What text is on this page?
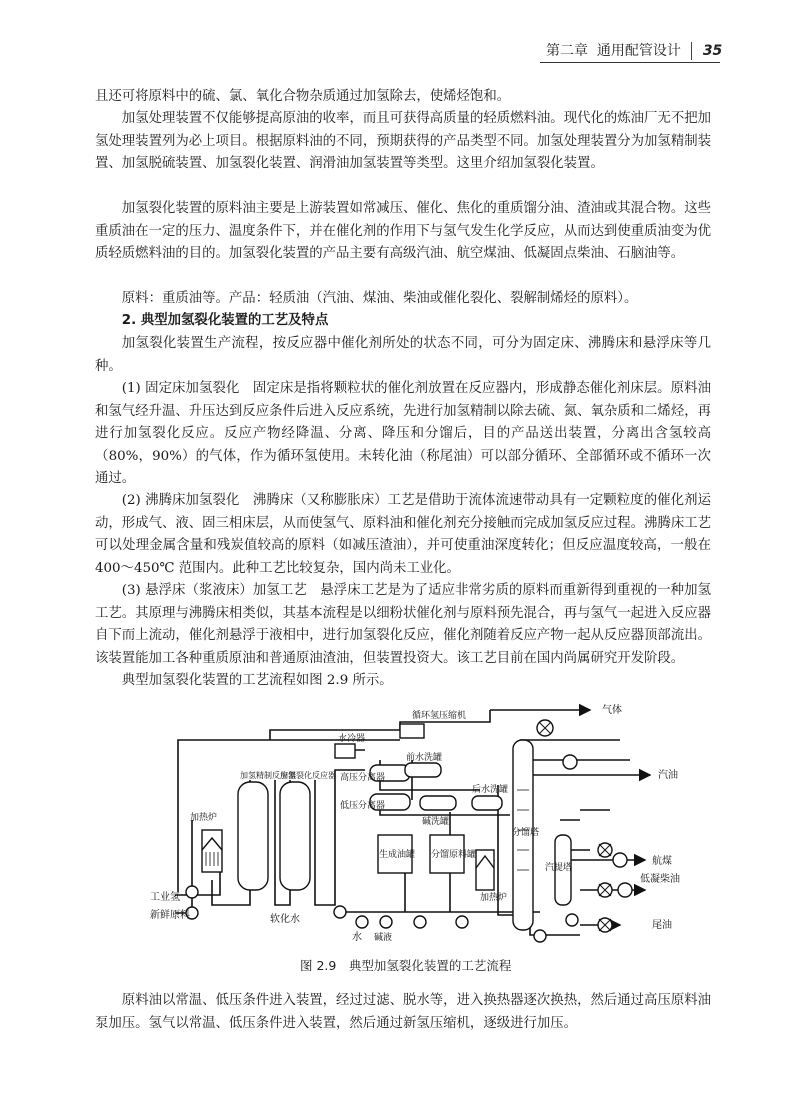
第二章 通用配管设计 35
且还可将原料中的硫、氯、氧化合物杂质通过加氢除去，使烯烃饱和。
加氢处理装置不仅能够提高原油的收率，而且可获得高质量的轻质燃料油。现代化的炼油厂无不把加氢处理装置列为必上项目。根据原料油的不同，预期获得的产品类型不同。加氢处理装置分为加氢精制装置、加氢脱硫装置、加氢裂化装置、润滑油加氢装置等类型。这里介绍加氢裂化装置。
加氢裂化装置的原料油主要是上游装置如常减压、催化、焦化的重质馏分油、渣油或其混合物。这些重质油在一定的压力、温度条件下，并在催化剂的作用下与氢气发生化学反应，从而达到使重质油变为优质轻质燃料油的目的。加氢裂化装置的产品主要有高级汽油、航空煤油、低凝固点柴油、石脑油等。
原料：重质油等。产品：轻质油（汽油、煤油、柴油或催化裂化、裂解制烯烃的原料）。
2. 典型加氢裂化装置的工艺及特点
加氢裂化装置生产流程，按反应器中催化剂所处的状态不同，可分为固定床、沸腾床和悬浮床等几种。
(1) 固定床加氢裂化　固定床是指将颗粒状的催化剂放置在反应器内，形成静态催化剂床层。原料油和氢气经升温、升压达到反应条件后进入反应系统，先进行加氢精制以除去硫、氮、氧杂质和二烯烃，再进行加氢裂化反应。反应产物经降温、分离、降压和分馏后，目的产品送出装置，分离出含氢较高（80%，90%）的气体，作为循环氢使用。未转化油（称尾油）可以部分循环、全部循环或不循环一次通过。
(2) 沸腾床加氢裂化　沸腾床（又称膨胀床）工艺是借助于流体流速带动具有一定颗粒度的催化剂运动，形成气、液、固三相床层，从而使氢气、原料油和催化剂充分接触而完成加氢反应过程。沸腾床工艺可以处理金属含量和残炭值较高的原料（如减压渣油），并可使重油深度转化；但反应温度较高，一般在 400～450℃ 范围内。此种工艺比较复杂，国内尚未工业化。
(3) 悬浮床（浆液床）加氢工艺　悬浮床工艺是为了适应非常劣质的原料而重新得到重视的一种加氢工艺。其原理与沸腾床相类似，其基本流程是以细粉状催化剂与原料预先混合，再与氢气一起进入反应器自下而上流动，催化剂悬浮于液相中，进行加氢裂化反应，催化剂随着反应产物一起从反应器顶部流出。该装置能加工各种重质原油和普通原油渣油，但装置投资大。该工艺目前在国内尚属研究开发阶段。
典型加氢裂化装置的工艺流程如图 2.9 所示。
气体
循环氢压缩机
水冷器
前水洗罐
高压分离器
后水洗罐
低压分离器
碱洗罐
汽油
加热炉
加氢精制反应器
加氢裂化反应器
生成油罐 分馏原料罐
加热炉
分馏塔
汽提塔
航煤
低凝柴油
尾油
工业氢
新鲜原料	软化水
水 碱液
图 2.9　典型加氢裂化装置的工艺流程
原料油以常温、低压条件进入装置，经过过滤、脱水等，进入换热器逐次换热，然后通过高压原料油泵加压。氢气以常温、低压条件进入装置，然后通过新氢压缩机，逐级进行加压。
